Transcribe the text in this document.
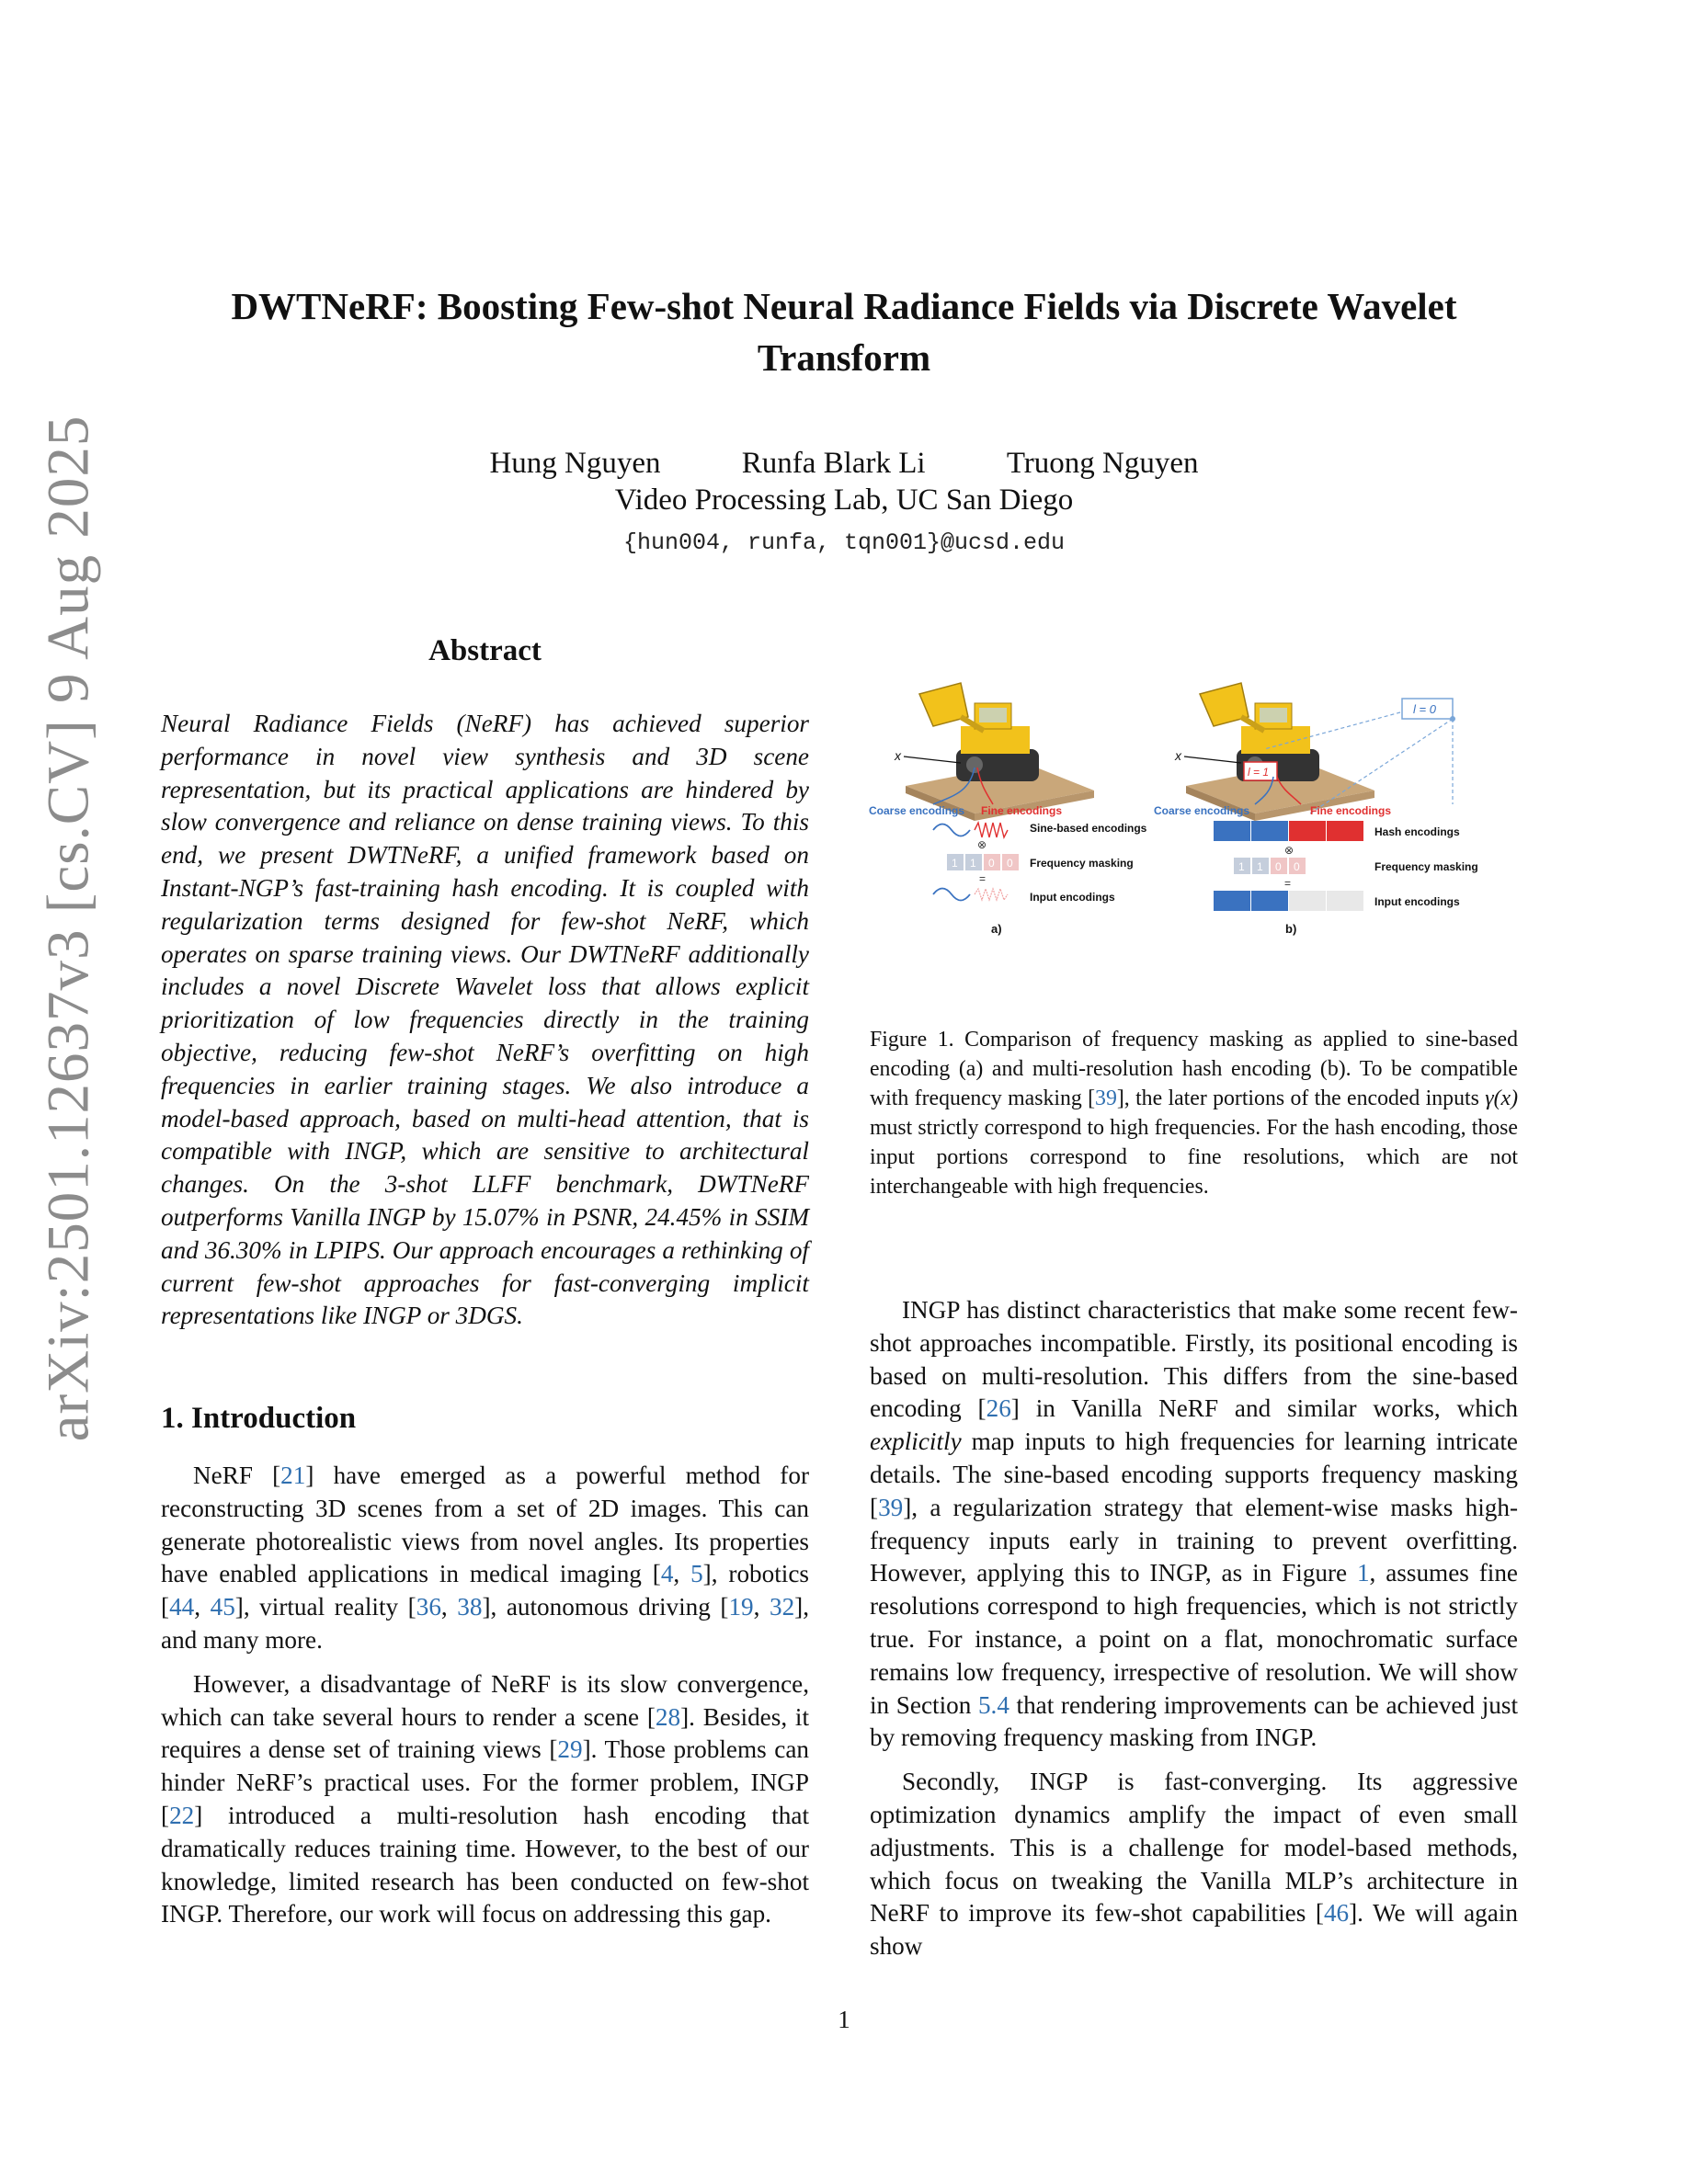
arXiv:2501.12637v3 [cs.CV] 9 Aug 2025
DWTNeRF: Boosting Few-shot Neural Radiance Fields via Discrete Wavelet Transform
Hung Nguyen	Runfa Blark Li	Truong Nguyen
Video Processing Lab, UC San Diego
{hun004, runfa, tqn001}@ucsd.edu
Abstract
Neural Radiance Fields (NeRF) has achieved superior performance in novel view synthesis and 3D scene representation, but its practical applications are hindered by slow convergence and reliance on dense training views. To this end, we present DWTNeRF, a unified framework based on Instant-NGP’s fast-training hash encoding. It is coupled with regularization terms designed for few-shot NeRF, which operates on sparse training views. Our DWTNeRF additionally includes a novel Discrete Wavelet loss that allows explicit prioritization of low frequencies directly in the training objective, reducing few-shot NeRF’s overfitting on high frequencies in earlier training stages. We also introduce a model-based approach, based on multi-head attention, that is compatible with INGP, which are sensitive to architectural changes. On the 3-shot LLFF benchmark, DWTNeRF outperforms Vanilla INGP by 15.07% in PSNR, 24.45% in SSIM and 36.30% in LPIPS. Our approach encourages a rethinking of current few-shot approaches for fast-converging implicit representations like INGP or 3DGS.
1. Introduction

NeRF [21] have emerged as a powerful method for reconstructing 3D scenes from a set of 2D images. This can generate photorealistic views from novel angles. Its properties have enabled applications in medical imaging [4, 5], robotics [44, 45], virtual reality [36, 38], autonomous driving [19, 32], and many more.

However, a disadvantage of NeRF is its slow convergence, which can take several hours to render a scene [28]. Besides, it requires a dense set of training views [29]. Those problems can hinder NeRF’s practical uses. For the former problem, INGP [22] introduced a multi-resolution hash encoding that dramatically reduces training time. However, to the best of our knowledge, limited research has been conducted on few-shot INGP. Therefore, our work will focus on addressing this gap.

x
Coarse encodings Fine encodings
Sine-based encodings
⊗
1 1 0 0 Frequency masking
=
Input encodings
a)
l = 0
l = 1
x
Coarse encodings	Fine encodings
Hash encodings
⊗
1 1 0 0	Frequency masking
=
Input encodings
b)
Figure 1. Comparison of frequency masking as applied to sine-based encoding (a) and multi-resolution hash encoding (b). To be compatible with frequency masking [39], the later portions of the encoded inputs γ(x) must strictly correspond to high frequencies. For the hash encoding, those input portions correspond to fine resolutions, which are not interchangeable with high frequencies.

INGP has distinct characteristics that make some recent few-shot approaches incompatible. Firstly, its positional encoding is based on multi-resolution. This differs from the sine-based encoding [26] in Vanilla NeRF and similar works, which explicitly map inputs to high frequencies for learning intricate details. The sine-based encoding supports frequency masking [39], a regularization strategy that element-wise masks high-frequency inputs early in training to prevent overfitting. However, applying this to INGP, as in Figure 1, assumes fine resolutions correspond to high frequencies, which is not strictly true. For instance, a point on a flat, monochromatic surface remains low frequency, irrespective of resolution. We will show in Section 5.4 that rendering improvements can be achieved just by removing frequency masking from INGP.

Secondly, INGP is fast-converging. Its aggressive optimization dynamics amplify the impact of even small adjustments. This is a challenge for model-based methods, which focus on tweaking the Vanilla MLP’s architecture in NeRF to improve its few-shot capabilities [46]. We will again show

1
